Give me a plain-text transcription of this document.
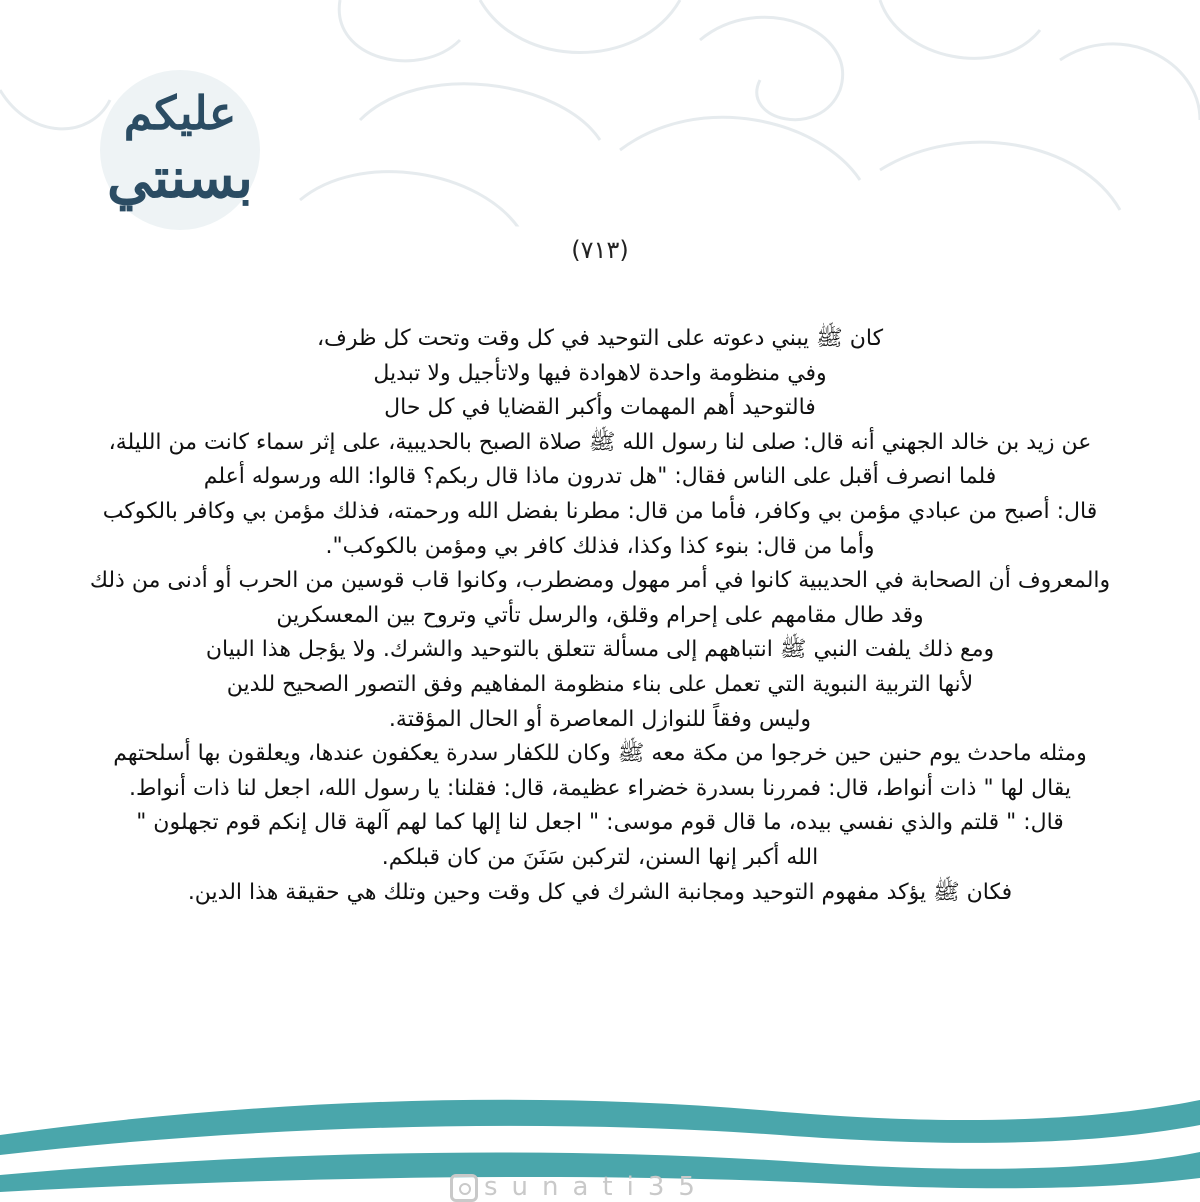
عليكم
بسنتي
(٧١٣)
كان ﷺ يبني دعوته على التوحيد في كل وقت وتحت كل ظرف،
وفي منظومة واحدة لاهوادة فيها ولاتأجيل ولا تبديل
فالتوحيد أهم المهمات وأكبر القضايا في كل حال
عن زيد بن خالد الجهني أنه قال: صلى لنا رسول الله ﷺ صلاة الصبح بالحديبية، على إثر سماء كانت من الليلة،
فلما انصرف أقبل على الناس فقال: "هل تدرون ماذا قال ربكم؟ قالوا: الله ورسوله أعلم
قال: أصبح من عبادي مؤمن بي وكافر، فأما من قال: مطرنا بفضل الله ورحمته، فذلك مؤمن بي وكافر بالكوكب
وأما من قال: بنوء كذا وكذا، فذلك كافر بي ومؤمن بالكوكب".
والمعروف أن الصحابة في الحديبية كانوا في أمر مهول ومضطرب، وكانوا قاب قوسين من الحرب أو أدنى من ذلك
وقد طال مقامهم على إحرام وقلق، والرسل تأتي وتروح بين المعسكرين
ومع ذلك يلفت النبي ﷺ انتباههم إلى مسألة تتعلق بالتوحيد والشرك. ولا يؤجل هذا البيان
لأنها التربية النبوية التي تعمل على بناء منظومة المفاهيم وفق التصور الصحيح للدين
وليس وفقاً للنوازل المعاصرة أو الحال المؤقتة.
ومثله ماحدث يوم حنين حين خرجوا من مكة معه ﷺ وكان للكفار سدرة يعكفون عندها، ويعلقون بها أسلحتهم
يقال لها " ذات أنواط، قال: فمررنا بسدرة خضراء عظيمة، قال: فقلنا: يا رسول الله، اجعل لنا ذات أنواط.
قال: " قلتم والذي نفسي بيده، ما قال قوم موسى: " اجعل لنا إلها كما لهم آلهة قال إنكم قوم تجهلون "
الله أكبر إنها السنن، لتركبن سَنَنَ من كان قبلكم.
فكان ﷺ يؤكد مفهوم التوحيد ومجانبة الشرك في كل وقت وحين وتلك هي حقيقة هذا الدين.
sunati35
